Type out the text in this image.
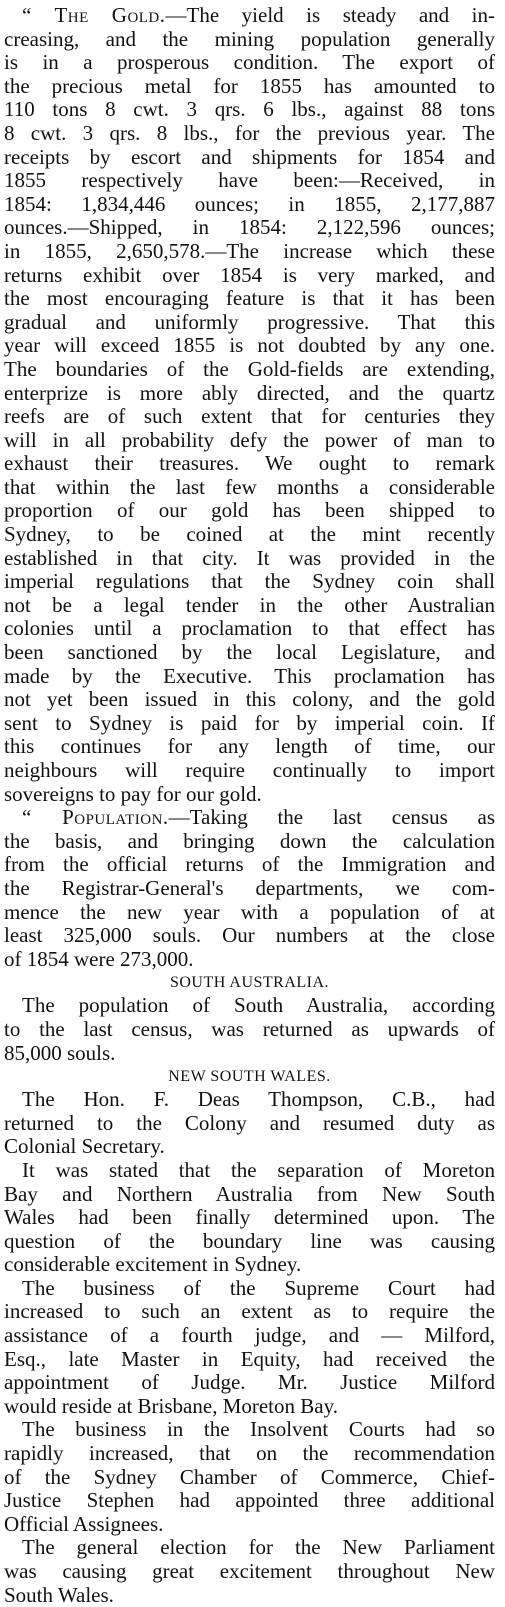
“ The Gold.—The yield is steady and in-
creasing, and the mining population generally
is in a prosperous condition. The export of
the precious metal for 1855 has amounted to
110 tons 8 cwt. 3 qrs. 6 lbs., against 88 tons
8 cwt. 3 qrs. 8 lbs., for the previous year. The
receipts by escort and shipments for 1854 and
1855 respectively have been:—Received, in
1854: 1,834,446 ounces; in 1855, 2,177,887
ounces.—Shipped, in 1854: 2,122,596 ounces;
in 1855, 2,650,578.—The increase which these
returns exhibit over 1854 is very marked, and
the most encouraging feature is that it has been
gradual and uniformly progressive. That this
year will exceed 1855 is not doubted by any one.
The boundaries of the Gold-fields are extending,
enterprize is more ably directed, and the quartz
reefs are of such extent that for centuries they
will in all probability defy the power of man to
exhaust their treasures. We ought to remark
that within the last few months a considerable
proportion of our gold has been shipped to
Sydney, to be coined at the mint recently
established in that city. It was provided in the
imperial regulations that the Sydney coin shall
not be a legal tender in the other Australian
colonies until a proclamation to that effect has
been sanctioned by the local Legislature, and
made by the Executive. This proclamation has
not yet been issued in this colony, and the gold
sent to Sydney is paid for by imperial coin. If
this continues for any length of time, our
neighbours will require continually to import
sovereigns to pay for our gold.
“ Population.—Taking the last census as
the basis, and bringing down the calculation
from the official returns of the Immigration and
the Registrar-General's departments, we com-
mence the new year with a population of at
least 325,000 souls. Our numbers at the close
of 1854 were 273,000.
SOUTH AUSTRALIA.
The population of South Australia, according
to the last census, was returned as upwards of
85,000 souls.
NEW SOUTH WALES.
The Hon. F. Deas Thompson, C.B., had
returned to the Colony and resumed duty as
Colonial Secretary.
It was stated that the separation of Moreton
Bay and Northern Australia from New South
Wales had been finally determined upon. The
question of the boundary line was causing
considerable excitement in Sydney.
The business of the Supreme Court had
increased to such an extent as to require the
assistance of a fourth judge, and — Milford,
Esq., late Master in Equity, had received the
appointment of Judge. Mr. Justice Milford
would reside at Brisbane, Moreton Bay.
The business in the Insolvent Courts had so
rapidly increased, that on the recommendation
of the Sydney Chamber of Commerce, Chief-
Justice Stephen had appointed three additional
Official Assignees.
The general election for the New Parliament
was causing great excitement throughout New
South Wales.
